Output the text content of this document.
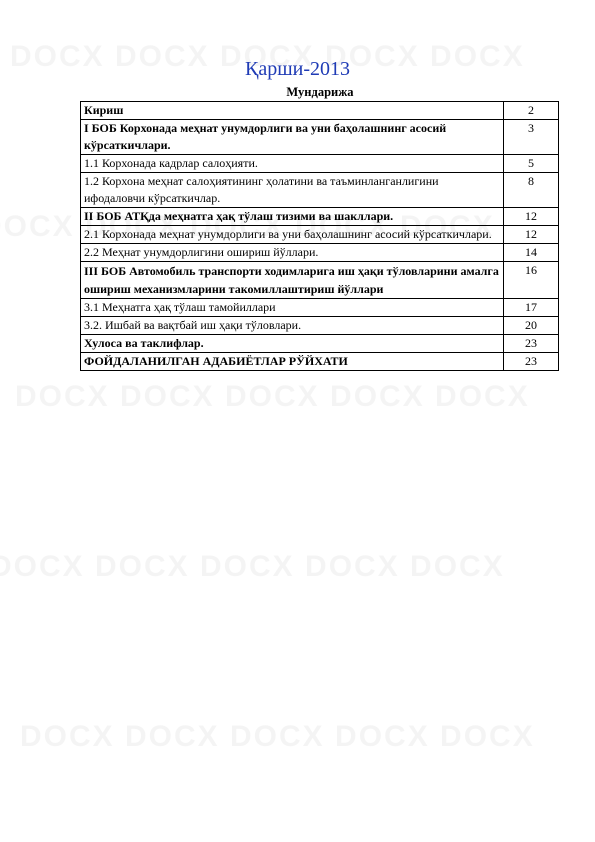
Қарши-2013
Мундарижа
Кириш	2
I БОБ Корхонада меҳнат унумдорлиги ва уни баҳолашнинг асосий кўрсаткичлари.	3
1.1 Корхонада кадрлар салоҳияти.	5
1.2 Корхона меҳнат салоҳиятининг ҳолатини ва таъминланганлигини ифодаловчи кўрсаткичлар.	8
II БОБ АТҚда меҳнатга ҳақ тўлаш тизими ва шакллари.	12
2.1 Корхонада меҳнат унумдорлиги ва уни баҳолашнинг асосий кўрсаткичлари.	12
2.2 Меҳнат унумдорлигини ошириш йўллари.	14
III БОБ Автомобиль транспорти ходимларига иш ҳақи тўловларини амалга ошириш механизмларини такомиллаштириш йўллари	16
3.1 Меҳнатга ҳақ тўлаш тамойиллари	17
3.2. Ишбай ва вақтбай иш ҳақи тўловлари.	20
Хулоса ва таклифлар.	23
ФОЙДАЛАНИЛГАН АДАБИЁТЛАР РЎЙХАТИ	23
